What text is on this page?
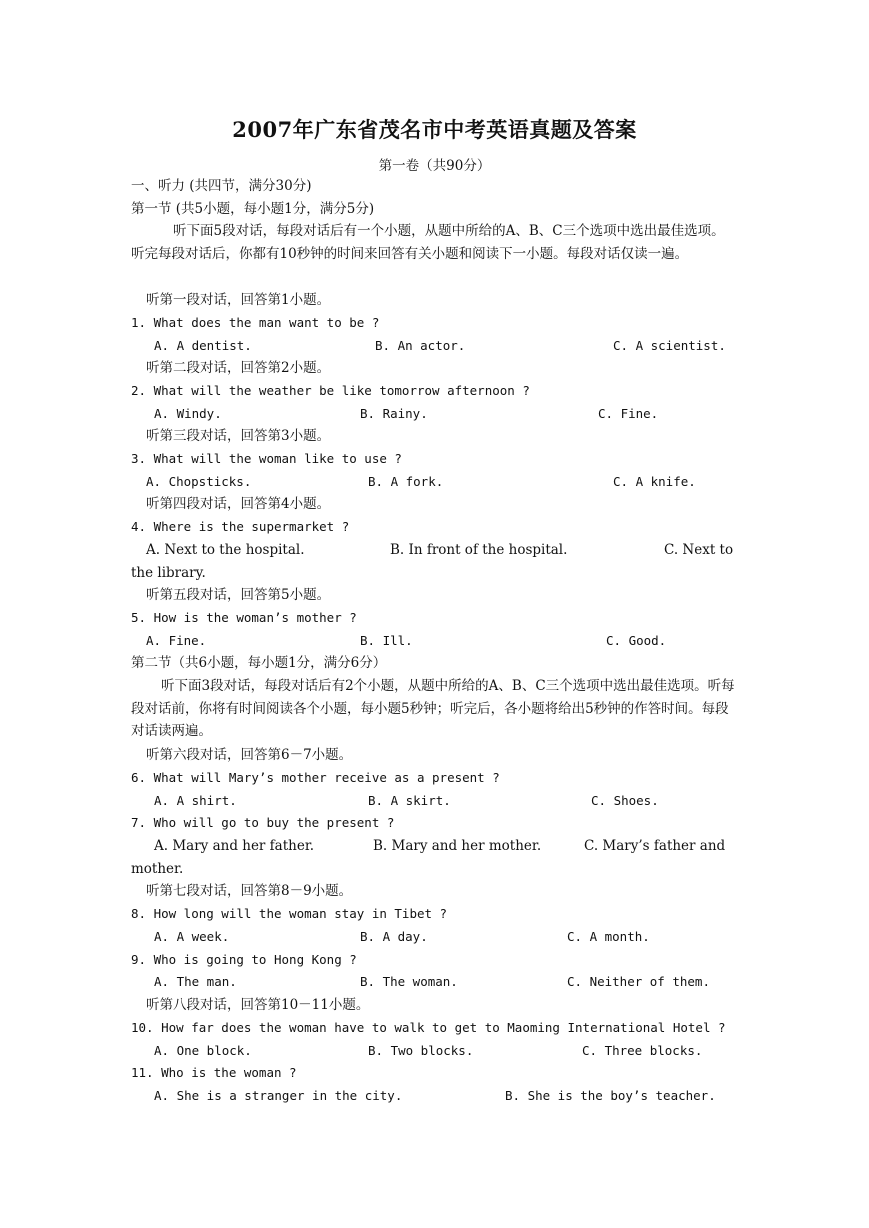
2007年广东省茂名市中考英语真题及答案
第一卷（共90分）
一、听力 (共四节，满分30分)
第一节 (共5小题，每小题1分，满分5分)
听下面5段对话，每段对话后有一个小题，从题中所给的A、B、C三个选项中选出最佳选项。听完每段对话后，你都有10秒钟的时间来回答有关小题和阅读下一小题。每段对话仅读一遍。
听第一段对话，回答第1小题。
1. What does the man want to be ?
A. A dentist.	B. An actor.	C. A scientist.
听第二段对话，回答第2小题。
2. What will the weather be like tomorrow afternoon ?
A. Windy.	B. Rainy.	C. Fine.
听第三段对话，回答第3小题。
3. What will the woman like to use ?
A. Chopsticks.	B. A fork.	C. A knife.
听第四段对话，回答第4小题。
4. Where is the supermarket ?
A. Next to the hospital.	B. In front of the hospital.	C. Next to
the library.
听第五段对话，回答第5小题。
5. How is the woman’s mother ?
A. Fine.	B. Ill.	C. Good.
第二节（共6小题，每小题1分，满分6分）
听下面3段对话，每段对话后有2个小题，从题中所给的A、B、C三个选项中选出最佳选项。听每段对话前，你将有时间阅读各个小题，每小题5秒钟；听完后，各小题将给出5秒钟的作答时间。每段对话读两遍。
听第六段对话，回答第6－7小题。
6. What will Mary’s mother receive as a present ?
A. A shirt.	B. A skirt.	C. Shoes.
7. Who will go to buy the present ?
A. Mary and her father.	B. Mary and her mother.	C. Mary’s father and
mother.
听第七段对话，回答第8－9小题。
8. How long will the woman stay in Tibet ?
A. A week.	B. A day.	C. A month.
9. Who is going to Hong Kong ?
A. The man.	B. The woman.	C. Neither of them.
听第八段对话，回答第10－11小题。
10. How far does the woman have to walk to get to Maoming International Hotel ?
A. One block.	B. Two blocks.	C. Three blocks.
11. Who is the woman ?
A. She is a stranger in the city.	B. She is the boy’s teacher.
